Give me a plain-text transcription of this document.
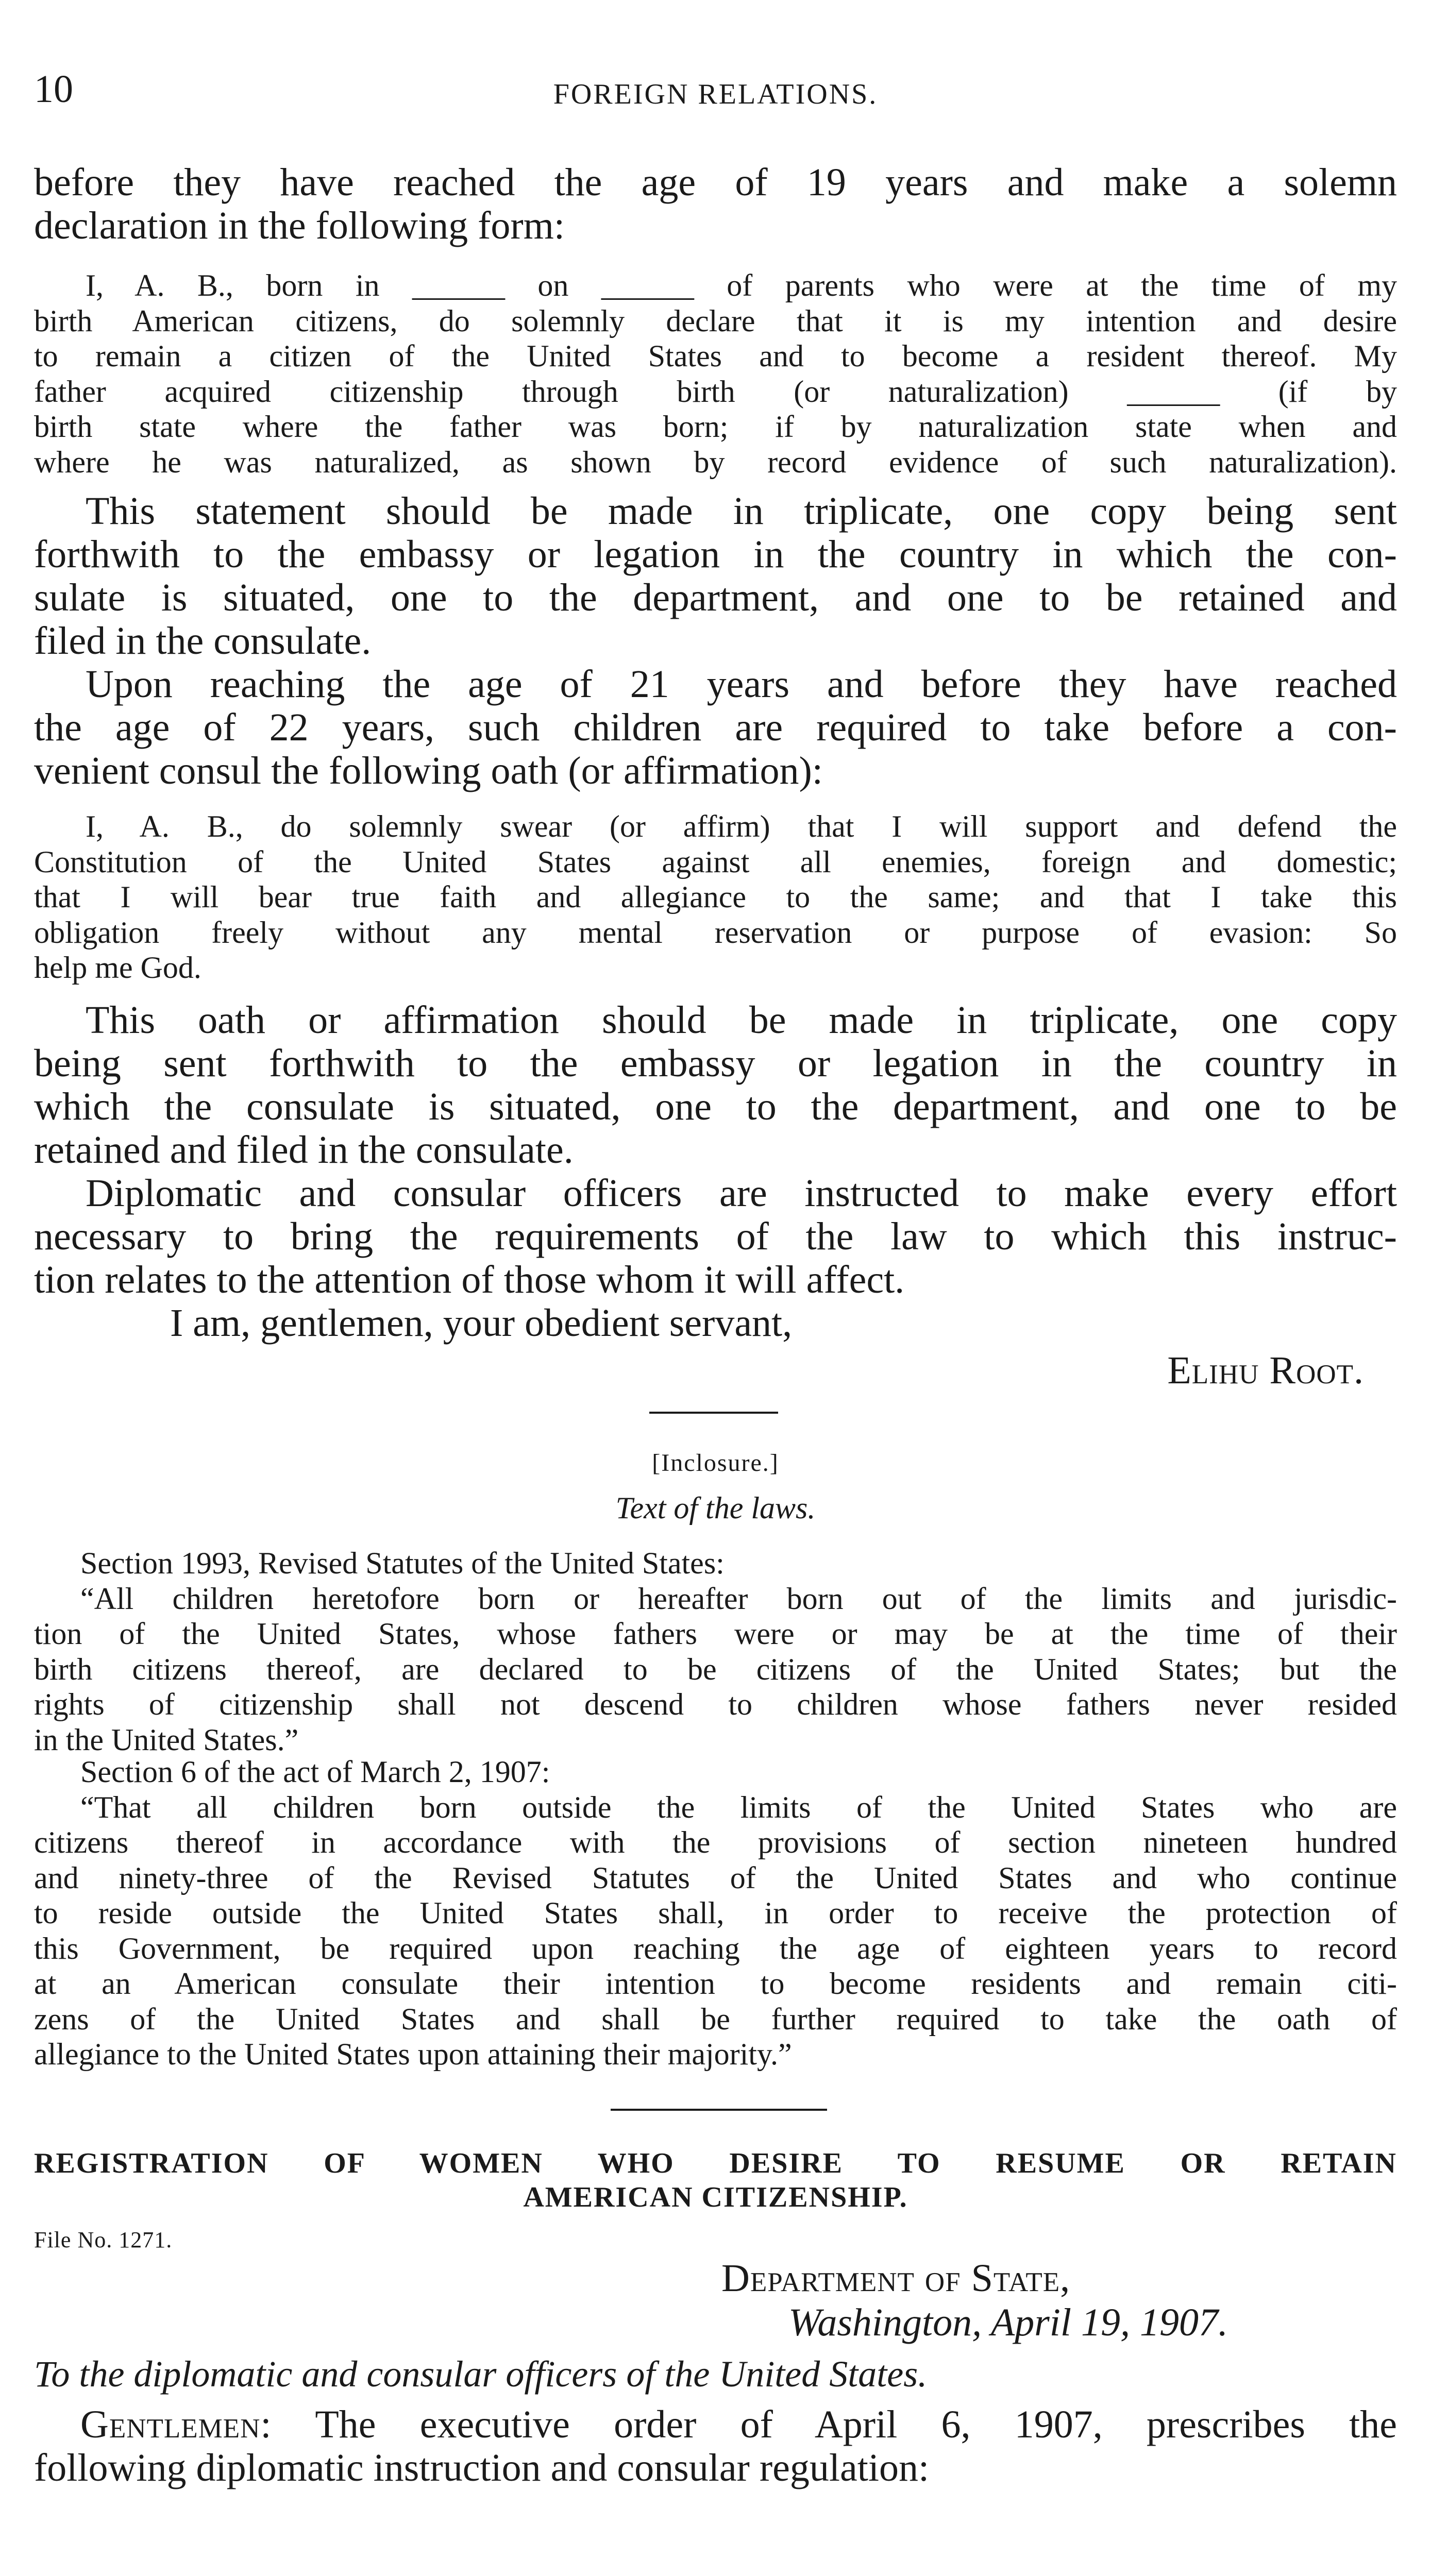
10	FOREIGN RELATIONS.
before they have reached the age of 19 years and make a solemn
declaration in the following form:
I, A. B., born in ______ on ______ of parents who were at the time of my
birth American citizens, do solemnly declare that it is my intention and desire
to remain a citizen of the United States and to become a resident thereof. My
father acquired citizenship through birth (or naturalization) ______ (if by
birth state where the father was born; if by naturalization state when and
where he was naturalized, as shown by record evidence of such naturalization).
This statement should be made in triplicate, one copy being sent
forthwith to the embassy or legation in the country in which the con-
sulate is situated, one to the department, and one to be retained and
filed in the consulate.
Upon reaching the age of 21 years and before they have reached
the age of 22 years, such children are required to take before a con-
venient consul the following oath (or affirmation):
I, A. B., do solemnly swear (or affirm) that I will support and defend the
Constitution of the United States against all enemies, foreign and domestic;
that I will bear true faith and allegiance to the same; and that I take this
obligation freely without any mental reservation or purpose of evasion: So
help me God.
This oath or affirmation should be made in triplicate, one copy
being sent forthwith to the embassy or legation in the country in
which the consulate is situated, one to the department, and one to be
retained and filed in the consulate.
Diplomatic and consular officers are instructed to make every effort
necessary to bring the requirements of the law to which this instruc-
tion relates to the attention of those whom it will affect.
I am, gentlemen, your obedient servant,
Elihu Root.
[Inclosure.]
Text of the laws.
Section 1993, Revised Statutes of the United States:
“All children heretofore born or hereafter born out of the limits and jurisdic-
tion of the United States, whose fathers were or may be at the time of their
birth citizens thereof, are declared to be citizens of the United States; but the
rights of citizenship shall not descend to children whose fathers never resided
in the United States.”
Section 6 of the act of March 2, 1907:
“That all children born outside the limits of the United States who are
citizens thereof in accordance with the provisions of section nineteen hundred
and ninety-three of the Revised Statutes of the United States and who continue
to reside outside the United States shall, in order to receive the protection of
this Government, be required upon reaching the age of eighteen years to record
at an American consulate their intention to become residents and remain citi-
zens of the United States and shall be further required to take the oath of
allegiance to the United States upon attaining their majority.”
REGISTRATION OF WOMEN WHO DESIRE TO RESUME OR RETAIN
AMERICAN CITIZENSHIP.
File No. 1271.
Department of State,
Washington, April 19, 1907.
To the diplomatic and consular officers of the United States.
Gentlemen: The executive order of April 6, 1907, prescribes the
following diplomatic instruction and consular regulation:
